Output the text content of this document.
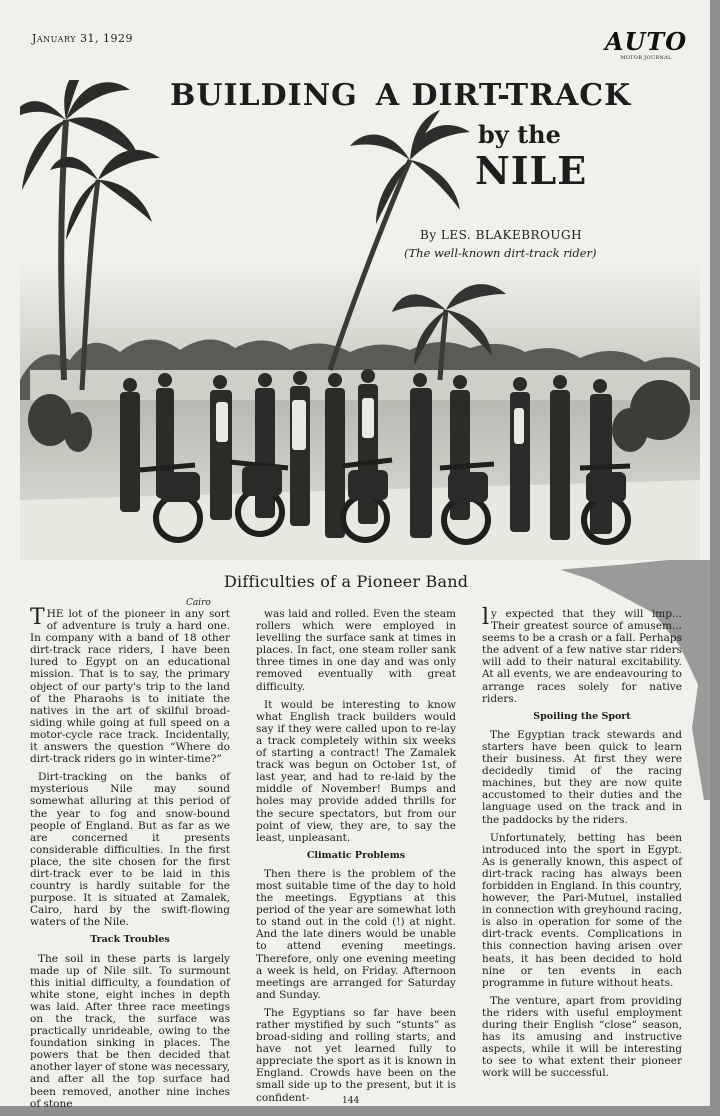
January 31, 1929	AUTO
MOTOR JOURNAL
BUILDING A DIRT-TRACK
by the
NILE
By LES. BLAKEBROUGH
(The well-known dirt-track rider)
Difficulties of a Pioneer Band
Cairo

THE lot of the pioneer in any sort of adventure is truly a hard one. In company with a band of 18 other dirt-track race riders, I have been lured to Egypt on an educational mission. That is to say, the primary object of our party's trip to the land of the Pharaohs is to initiate the natives in the art of skilful broad-siding while going at full speed on a motor-cycle race track. Incidentally, it answers the question “Where do dirt-track riders go in winter-time?”

Dirt-tracking on the banks of mysterious Nile may sound somewhat alluring at this period of the year to fog and snow-bound people of England. But as far as we are concerned it presents considerable difficulties. In the first place, the site chosen for the first dirt-track ever to be laid in this country is hardly suitable for the purpose. It is situated at Zamalek, Cairo, hard by the swift-flowing waters of the Nile.

Track Troubles

The soil in these parts is largely made up of Nile silt. To surmount this initial difficulty, a foundation of white stone, eight inches in depth was laid. After three race meetings on the track, the surface was practically unrideable, owing to the foundation sinking in places. The powers that be then decided that another layer of stone was necessary, and after all the top surface had been removed, another nine inches of stone

was laid and rolled. Even the steam rollers which were employed in levelling the surface sank at times in places. In fact, one steam roller sank three times in one day and was only removed eventually with great difficulty.

It would be interesting to know what English track builders would say if they were called upon to re-lay a track completely within six weeks of starting a contract! The Zamalek track was begun on October 1st, of last year, and had to re-laid by the middle of November! Bumps and holes may provide added thrills for the secure spectators, but from our point of view, they are, to say the least, unpleasant.

Climatic Problems

Then there is the problem of the most suitable time of the day to hold the meetings. Egyptians at this period of the year are somewhat loth to stand out in the cold (!) at night. And the late diners would be unable to attend evening meetings. Therefore, only one evening meeting a week is held, on Friday. Afternoon meetings are arranged for Saturday and Sunday.

The Egyptians so far have been rather mystified by such “stunts” as broad-siding and rolling starts, and have not yet learned fully to appreciate the sport as it is known in England. Crowds have been on the small side up to the present, but it is confident-

ly expected that they will imp... Their greatest source of amusem... seems to be a crash or a fall. Perhaps the advent of a few native star riders will add to their natural excitability. At all events, we are endeavouring to arrange races solely for native riders.

Spoiling the Sport

The Egyptian track stewards and starters have been quick to learn their business. At first they were decidedly timid of the racing machines, but they are now quite accustomed to their duties and the language used on the track and in the paddocks by the riders.

Unfortunately, betting has been introduced into the sport in Egypt. As is generally known, this aspect of dirt-track racing has always been forbidden in England. In this country, however, the Pari-Mutuel, installed in connection with greyhound racing, is also in operation for some of the dirt-track events. Complications in this connection having arisen over heats, it has been decided to hold nine or ten events in each programme in future without heats.

The venture, apart from providing the riders with useful employment during their English “close” season, has its amusing and instructive aspects, while it will be interesting to see to what extent their pioneer work will be successful.

144
